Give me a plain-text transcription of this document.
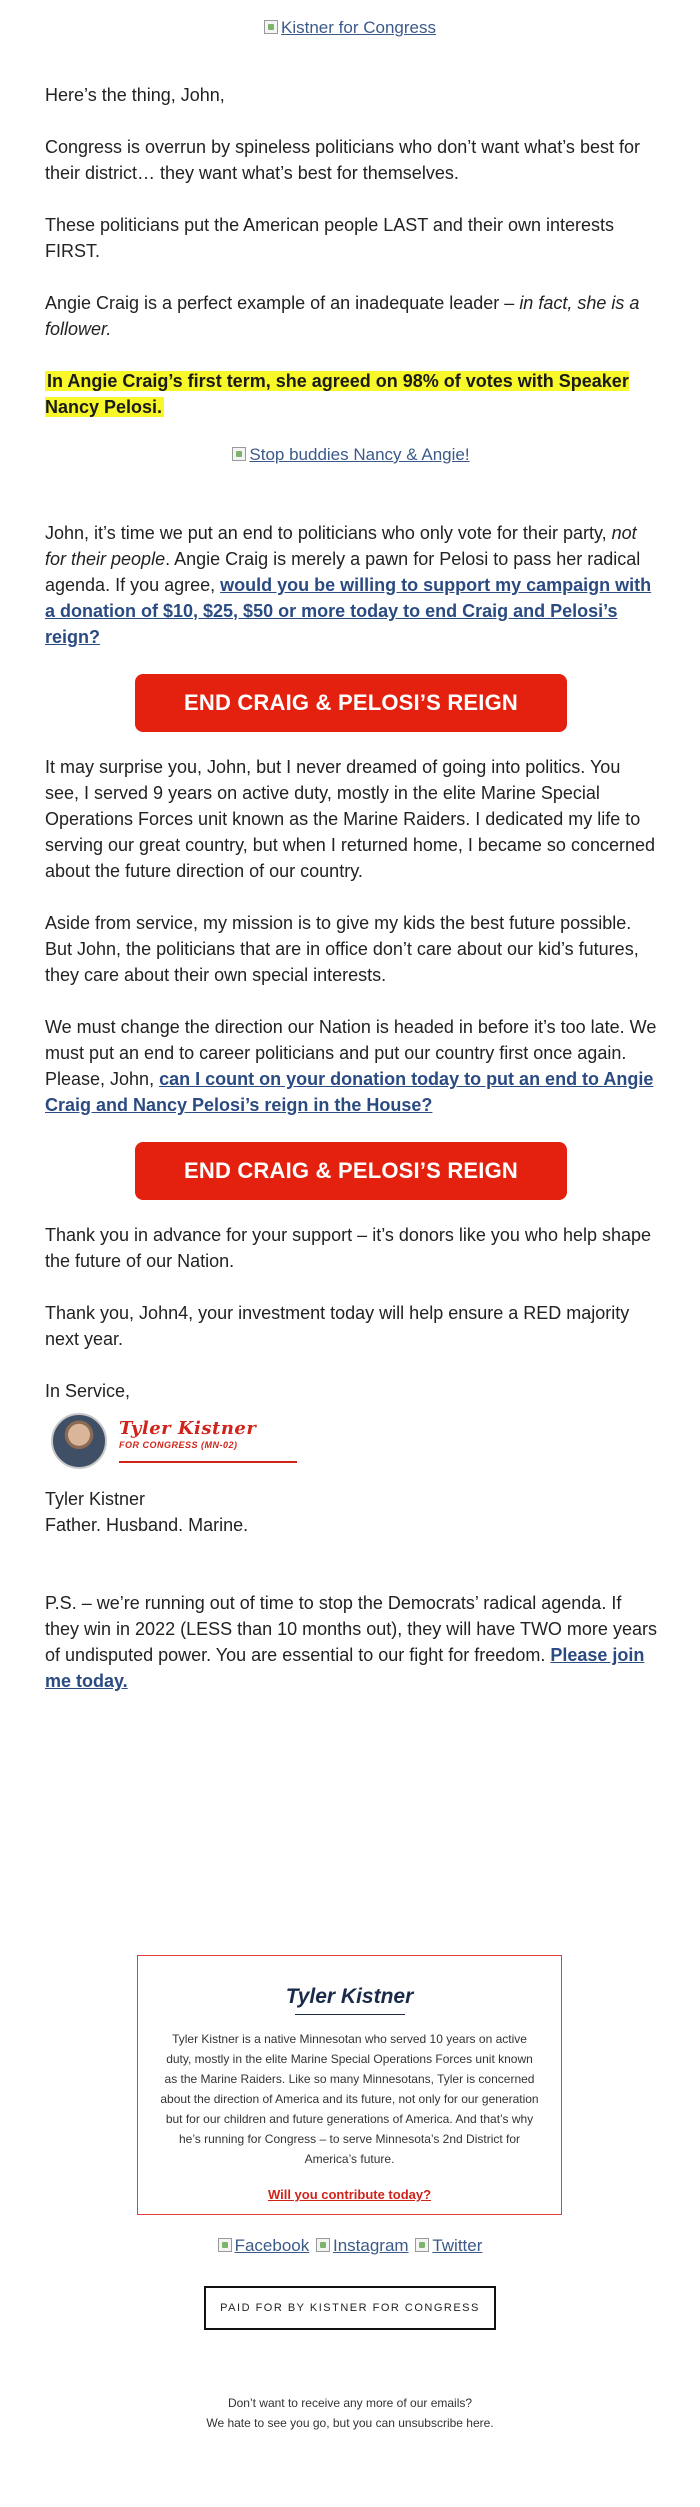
Kistner for Congress

Here’s the thing, John,

Congress is overrun by spineless politicians who don’t want what’s best for their district… they want what’s best for themselves.

These politicians put the American people LAST and their own interests FIRST.

Angie Craig is a perfect example of an inadequate leader – in fact, she is a follower.

In Angie Craig’s first term, she agreed on 98% of votes with Speaker Nancy Pelosi.

Stop buddies Nancy & Angie!

John, it’s time we put an end to politicians who only vote for their party, not for their people. Angie Craig is merely a pawn for Pelosi to pass her radical agenda. If you agree, would you be willing to support my campaign with a donation of $10, $25, $50 or more today to end Craig and Pelosi’s reign?

END CRAIG & PELOSI’S REIGN

It may surprise you, John, but I never dreamed of going into politics. You see, I served 9 years on active duty, mostly in the elite Marine Special Operations Forces unit known as the Marine Raiders. I dedicated my life to serving our great country, but when I returned home, I became so concerned about the future direction of our country.

Aside from service, my mission is to give my kids the best future possible. But John, the politicians that are in office don’t care about our kid’s futures, they care about their own special interests.

We must change the direction our Nation is headed in before it’s too late. We must put an end to career politicians and put our country first once again. Please, John, can I count on your donation today to put an end to Angie Craig and Nancy Pelosi’s reign in the House?

END CRAIG & PELOSI’S REIGN

Thank you in advance for your support – it’s donors like you who help shape the future of our Nation.

Thank you, John4, your investment today will help ensure a RED majority next year.

In Service,

Tyler Kistner
FOR CONGRESS (MN-02)
Tyler Kistner
Father. Husband. Marine.

P.S. – we’re running out of time to stop the Democrats’ radical agenda. If they win in 2022 (LESS than 10 months out), they will have TWO more years of undisputed power. You are essential to our fight for freedom. Please join me today.

Tyler Kistner
Tyler Kistner is a native Minnesotan who served 10 years on active duty, mostly in the elite Marine Special Operations Forces unit known as the Marine Raiders. Like so many Minnesotans, Tyler is concerned about the direction of America and its future, not only for our generation but for our children and future generations of America. And that’s why he’s running for Congress – to serve Minnesota’s 2nd District for America’s future.
Will you contribute today?
Facebook Instagram Twitter
PAID FOR BY KISTNER FOR CONGRESS
Don’t want to receive any more of our emails?
We hate to see you go, but you can unsubscribe here.
